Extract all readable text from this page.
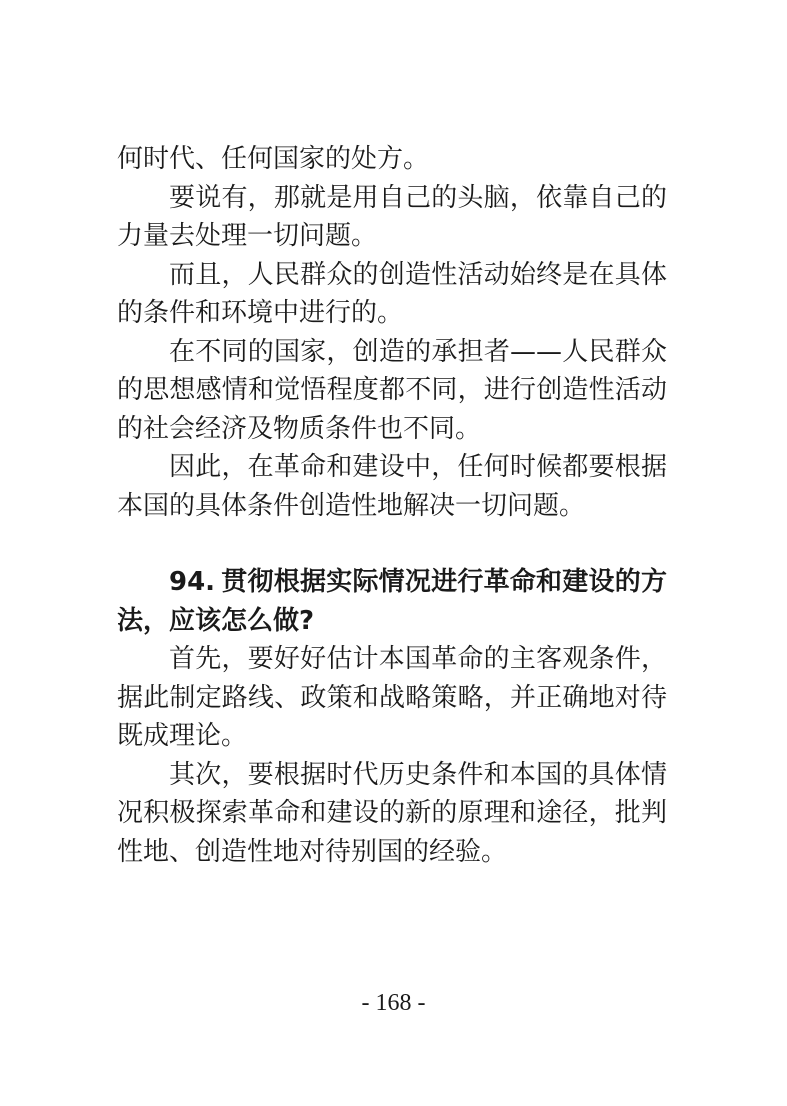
何时代、任何国家的处方。

要说有，那就是用自己的头脑，依靠自己的力量去处理一切问题。

而且，人民群众的创造性活动始终是在具体的条件和环境中进行的。

在不同的国家，创造的承担者——人民群众的思想感情和觉悟程度都不同，进行创造性活动的社会经济及物质条件也不同。

因此，在革命和建设中，任何时候都要根据本国的具体条件创造性地解决一切问题。

94. 贯彻根据实际情况进行革命和建设的方法，应该怎么做?

首先，要好好估计本国革命的主客观条件，据此制定路线、政策和战略策略，并正确地对待既成理论。

其次，要根据时代历史条件和本国的具体情况积极探索革命和建设的新的原理和途径，批判性地、创造性地对待别国的经验。

- 168 -
